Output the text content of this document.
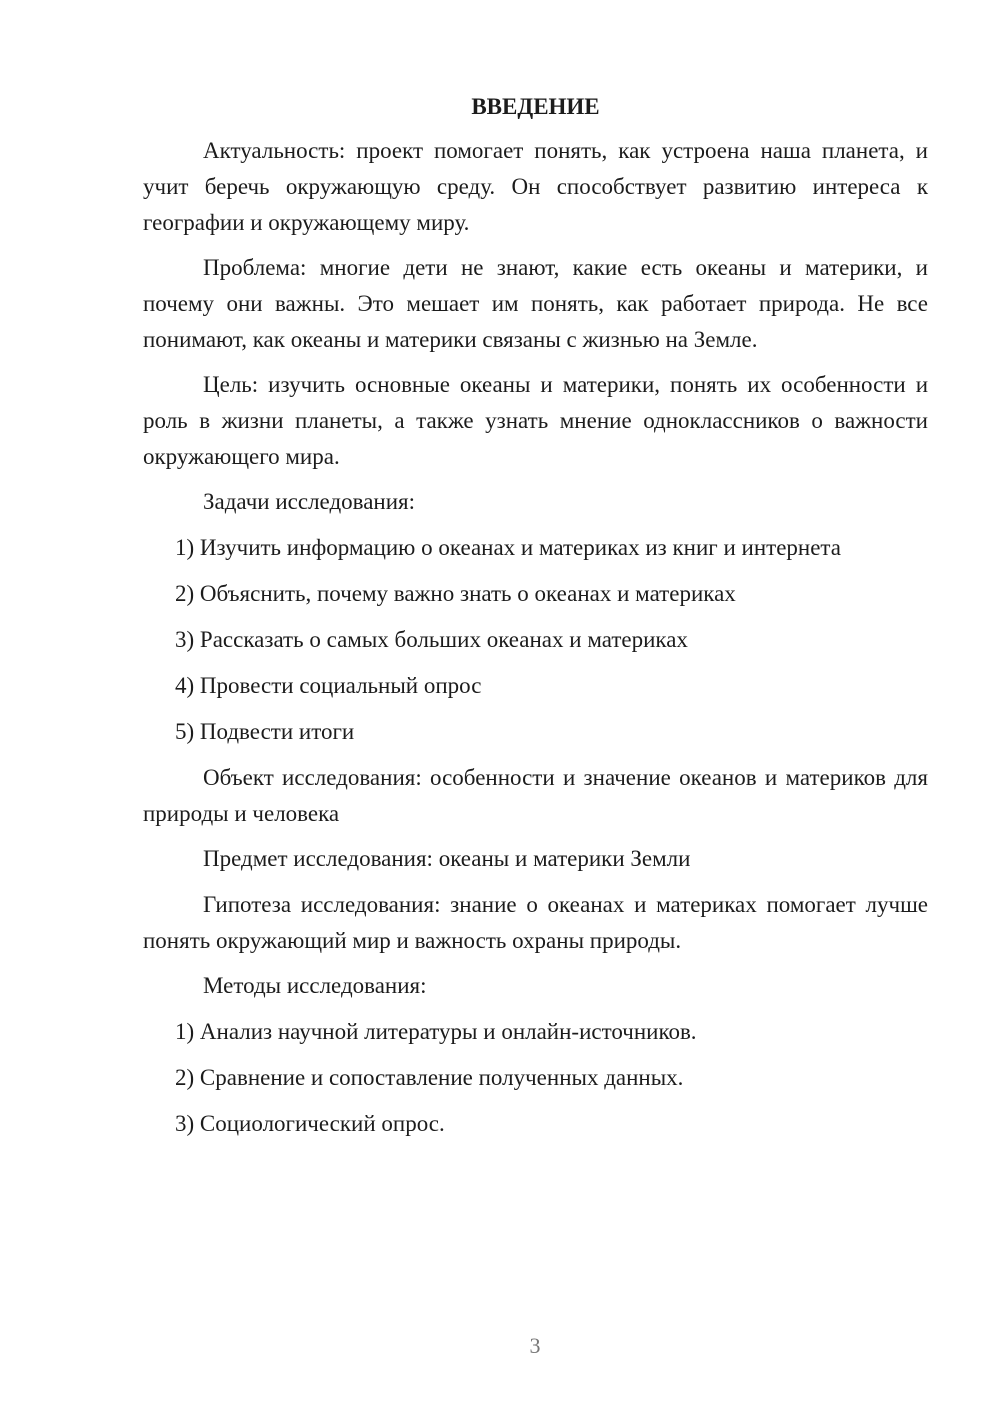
ВВЕДЕНИЕ

Актуальность: проект помогает понять, как устроена наша планета, и учит беречь окружающую среду. Он способствует развитию интереса к географии и окружающему миру.

Проблема: многие дети не знают, какие есть океаны и материки, и почему они важны. Это мешает им понять, как работает природа. Не все понимают, как океаны и материки связаны с жизнью на Земле.

Цель: изучить основные океаны и материки, понять их особенности и роль в жизни планеты, а также узнать мнение одноклассников о важности окружающего мира.

Задачи исследования:

1) Изучить информацию о океанах и материках из книг и интернета
2) Объяснить, почему важно знать о океанах и материках
3) Рассказать о самых больших океанах и материках
4) Провести социальный опрос
5) Подвести итоги

Объект исследования: особенности и значение океанов и материков для природы и человека

Предмет исследования: океаны и материки Земли

Гипотеза исследования: знание о океанах и материках помогает лучше понять окружающий мир и важность охраны природы.

Методы исследования:

1) Анализ научной литературы и онлайн-источников.
2) Сравнение и сопоставление полученных данных.
3) Социологический опрос.
3
